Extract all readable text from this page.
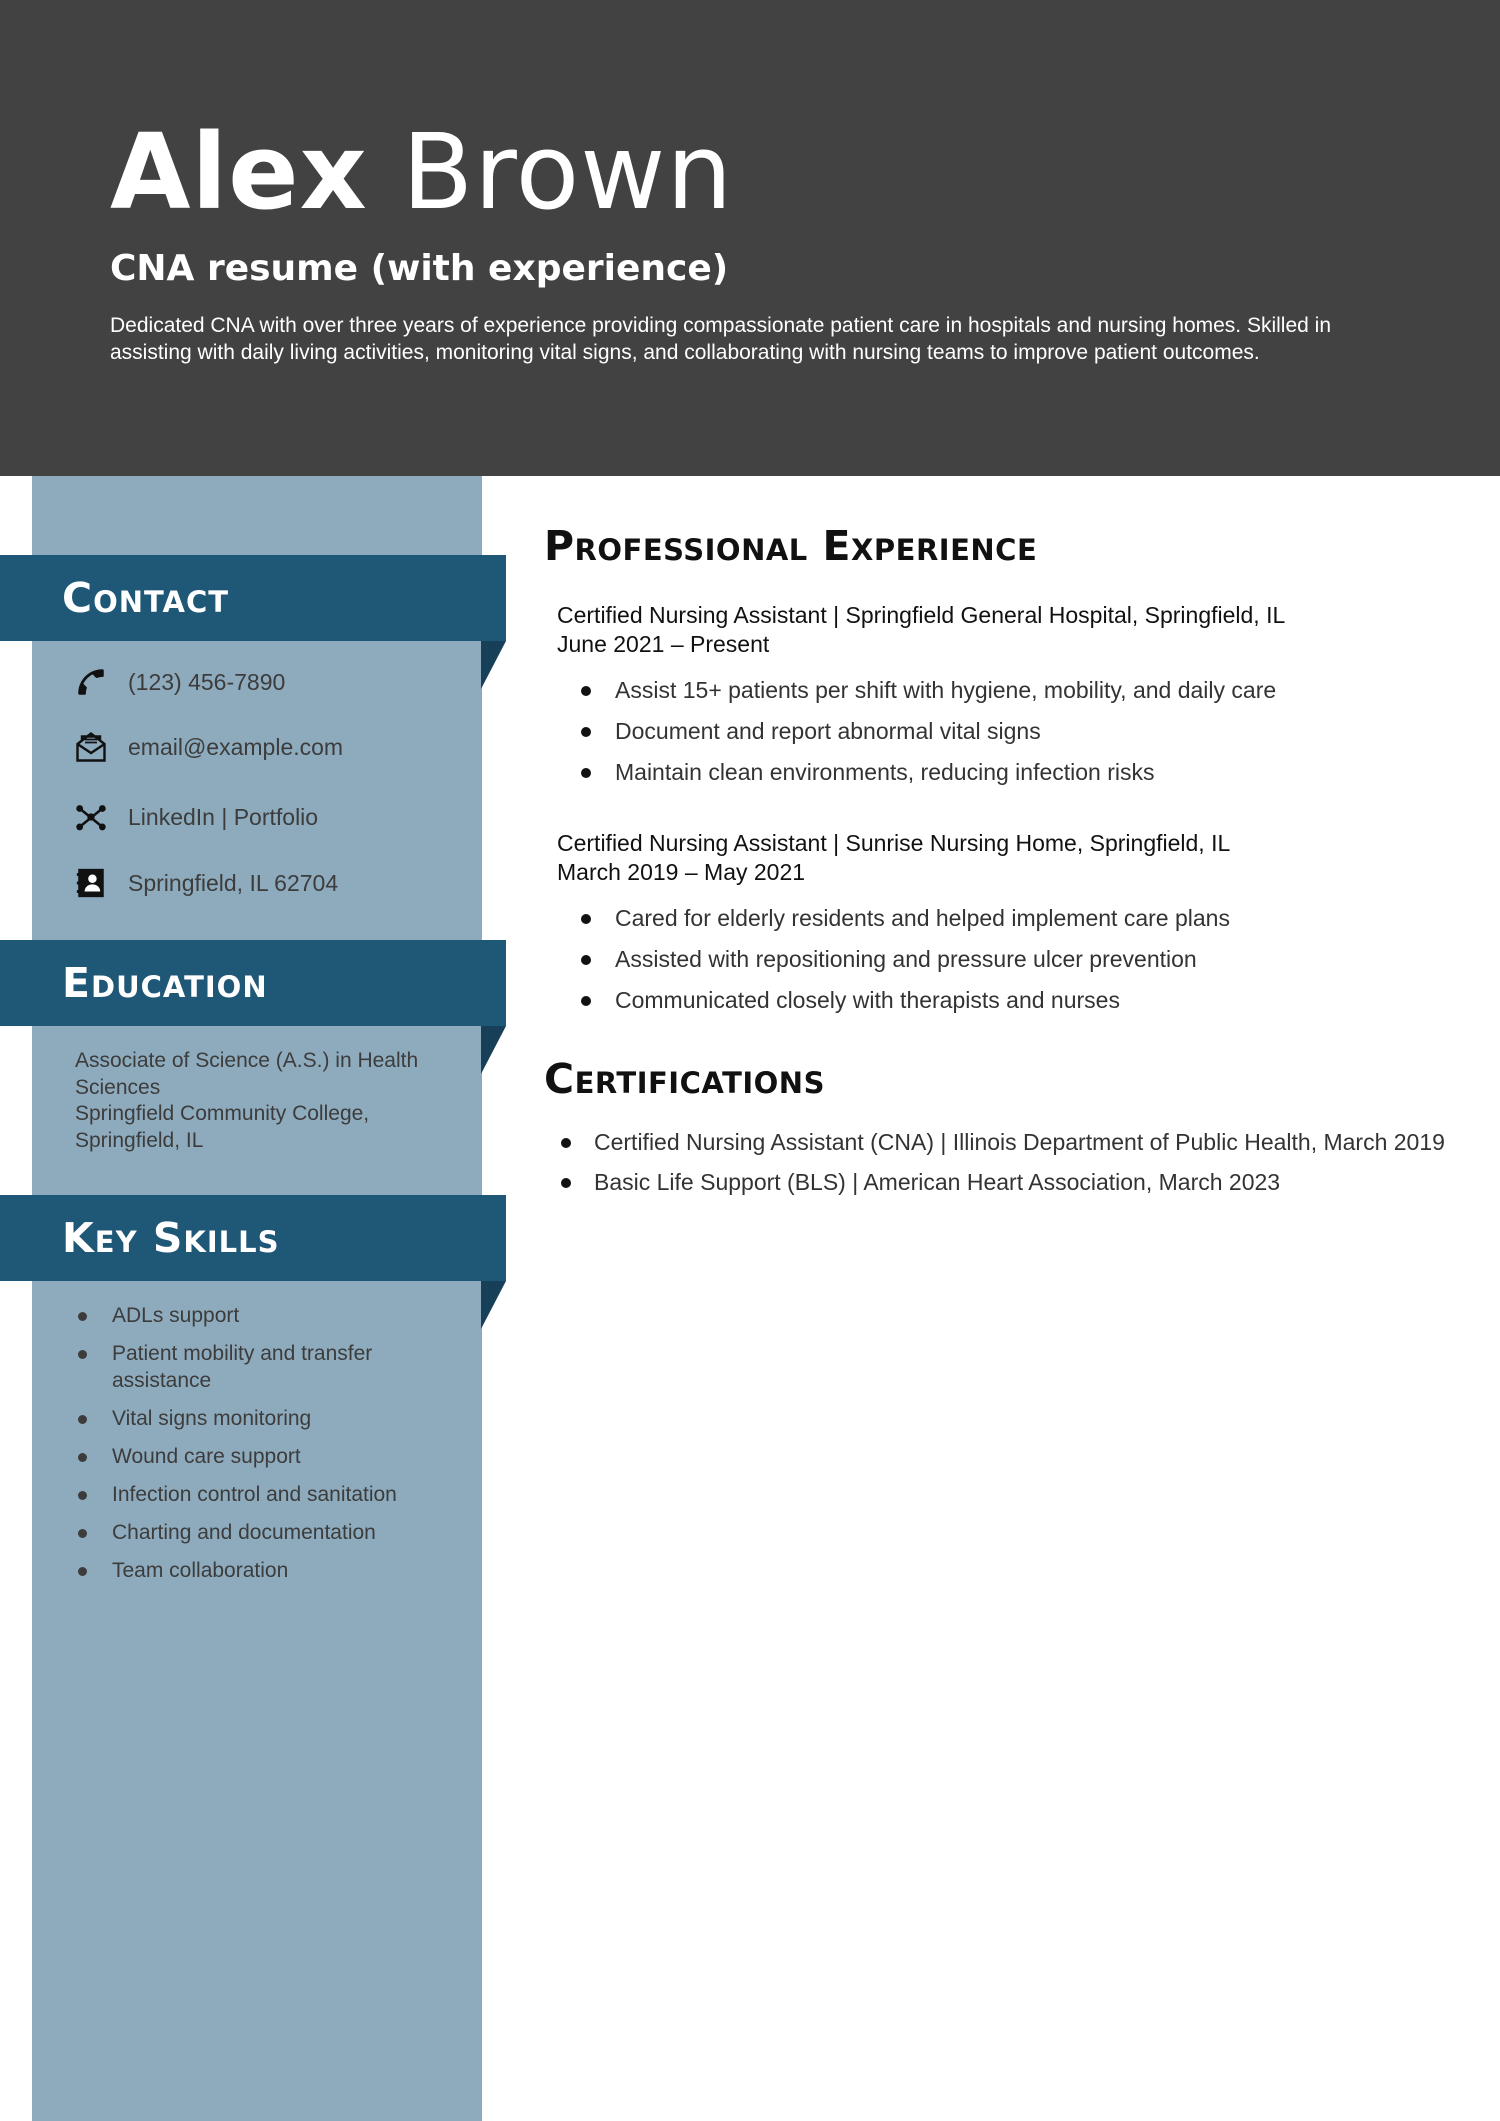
Alex Brown
CNA resume (with experience)
Dedicated CNA with over three years of experience providing compassionate patient care in hospitals and nursing homes. Skilled in assisting with daily living activities, monitoring vital signs, and collaborating with nursing teams to improve patient outcomes.
Contact
(123) 456-7890
email@example.com
LinkedIn | Portfolio
Springfield, IL 62704
Education
Associate of Science (A.S.) in Health Sciences
Springfield Community College, Springfield, IL
Key Skills
ADLs support
Patient mobility and transfer assistance
Vital signs monitoring
Wound care support
Infection control and sanitation
Charting and documentation
Team collaboration
Professional Experience
Certified Nursing Assistant | Springfield General Hospital, Springfield, IL
June 2021 – Present
Assist 15+ patients per shift with hygiene, mobility, and daily care
Document and report abnormal vital signs
Maintain clean environments, reducing infection risks
Certified Nursing Assistant | Sunrise Nursing Home, Springfield, IL
March 2019 – May 2021
Cared for elderly residents and helped implement care plans
Assisted with repositioning and pressure ulcer prevention
Communicated closely with therapists and nurses
Certifications
Certified Nursing Assistant (CNA) | Illinois Department of Public Health, March 2019
Basic Life Support (BLS) | American Heart Association, March 2023
